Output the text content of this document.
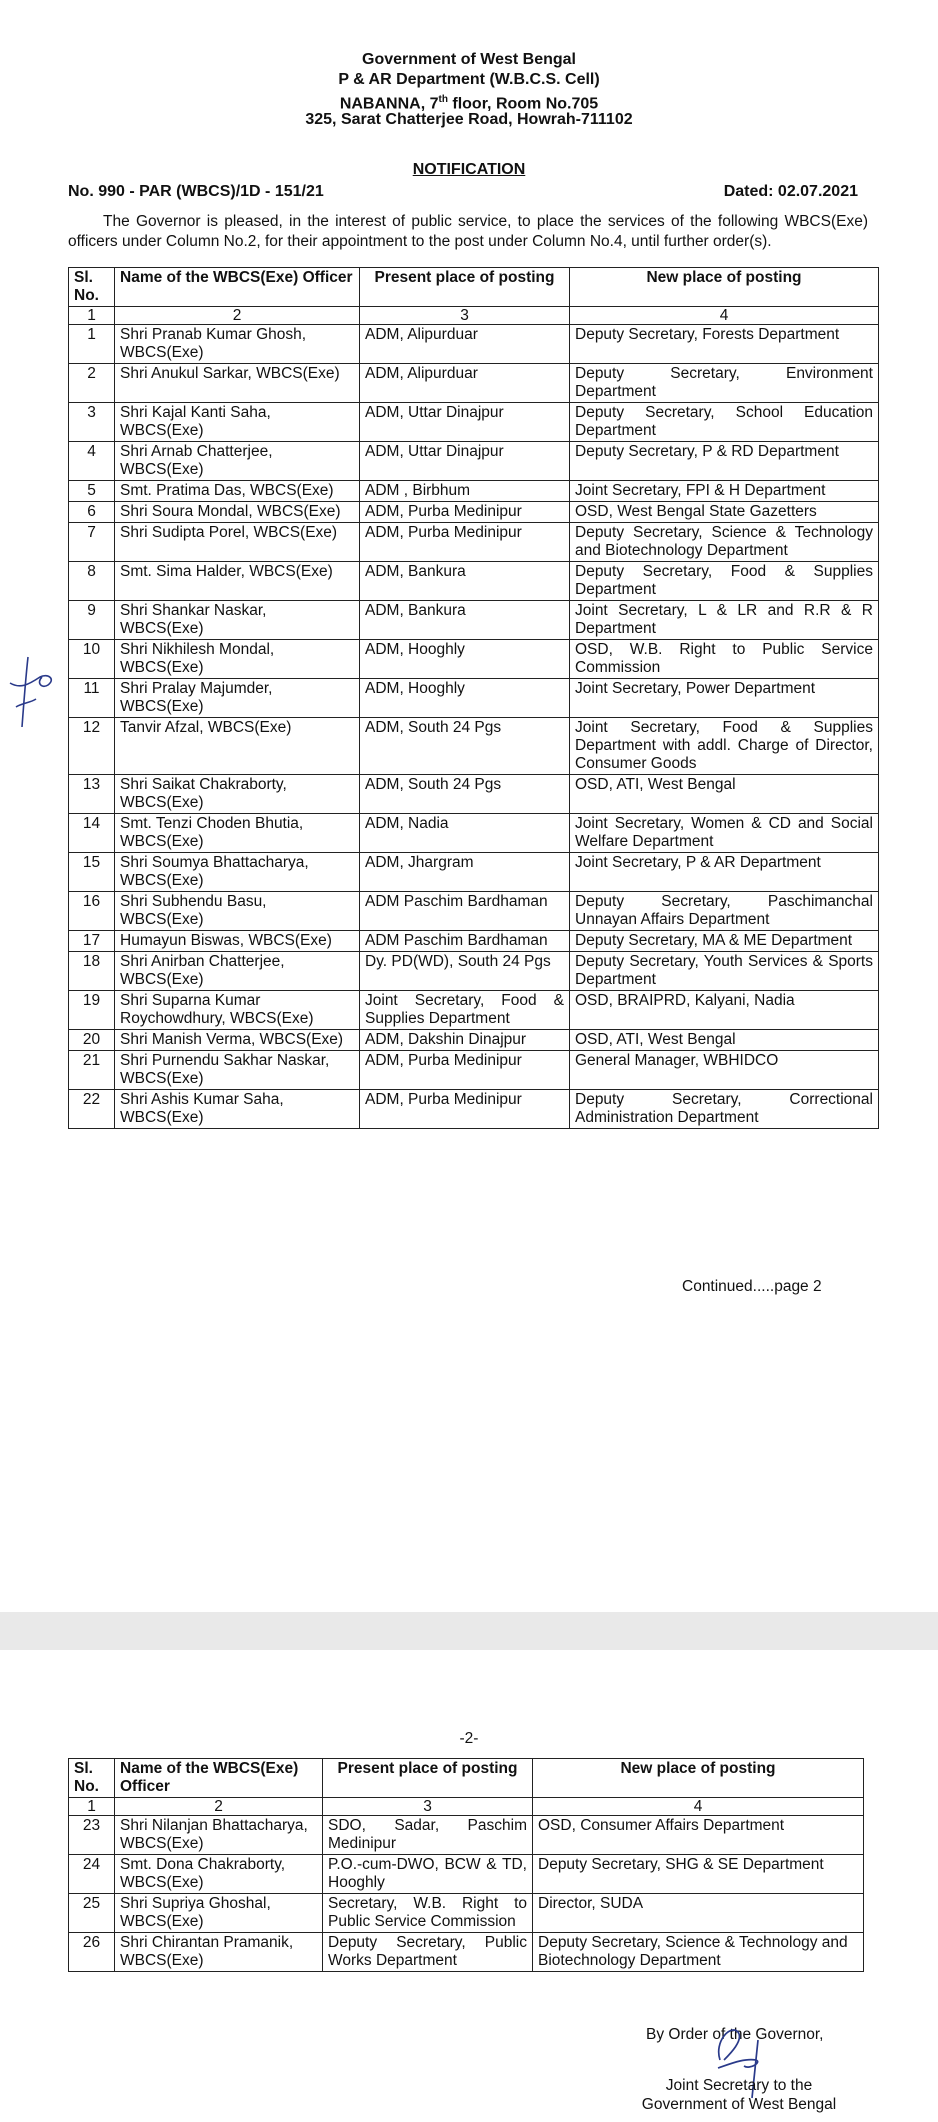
Government of West Bengal
P & AR Department (W.B.C.S. Cell)
NABANNA, 7th floor, Room No.705
325, Sarat Chatterjee Road, Howrah-711102
NOTIFICATION
No. 990 - PAR (WBCS)/1D - 151/21	Dated: 02.07.2021
The Governor is pleased, in the interest of public service, to place the services of the following WBCS(Exe) officers under Column No.2, for their appointment to the post under Column No.4, until further order(s).
Sl. No.	Name of the WBCS(Exe) Officer	Present place of posting	New place of posting
1	2	3	4
1	Shri Pranab Kumar Ghosh, WBCS(Exe)	ADM, Alipurduar	Deputy Secretary, Forests Department
2	Shri Anukul Sarkar, WBCS(Exe)	ADM, Alipurduar	Deputy Secretary, Environment Department
3	Shri Kajal Kanti Saha, WBCS(Exe)	ADM, Uttar Dinajpur	Deputy Secretary, School Education Department
4	Shri Arnab Chatterjee, WBCS(Exe)	ADM, Uttar Dinajpur	Deputy Secretary, P & RD Department
5	Smt. Pratima Das, WBCS(Exe)	ADM , Birbhum	Joint Secretary, FPI & H Department
6	Shri Soura Mondal, WBCS(Exe)	ADM, Purba Medinipur	OSD, West Bengal State Gazetters
7	Shri Sudipta Porel, WBCS(Exe)	ADM, Purba Medinipur	Deputy Secretary, Science & Technology and Biotechnology Department
8	Smt. Sima Halder, WBCS(Exe)	ADM, Bankura	Deputy Secretary, Food & Supplies Department
9	Shri Shankar Naskar, WBCS(Exe)	ADM, Bankura	Joint Secretary, L & LR and R.R & R Department
10	Shri Nikhilesh Mondal, WBCS(Exe)	ADM, Hooghly	OSD, W.B. Right to Public Service Commission
11	Shri Pralay Majumder, WBCS(Exe)	ADM, Hooghly	Joint Secretary, Power Department
12	Tanvir Afzal, WBCS(Exe)	ADM, South 24 Pgs	Joint Secretary, Food & Supplies Department with addl. Charge of Director, Consumer Goods
13	Shri Saikat Chakraborty, WBCS(Exe)	ADM, South 24 Pgs	OSD, ATI, West Bengal
14	Smt. Tenzi Choden Bhutia, WBCS(Exe)	ADM, Nadia	Joint Secretary, Women & CD and Social Welfare Department
15	Shri Soumya Bhattacharya, WBCS(Exe)	ADM, Jhargram	Joint Secretary, P & AR Department
16	Shri Subhendu Basu, WBCS(Exe)	ADM Paschim Bardhaman	Deputy Secretary, Paschimanchal Unnayan Affairs Department
17	Humayun Biswas, WBCS(Exe)	ADM Paschim Bardhaman	Deputy Secretary, MA & ME Department
18	Shri Anirban Chatterjee, WBCS(Exe)	Dy. PD(WD), South 24 Pgs	Deputy Secretary, Youth Services & Sports Department
19	Shri Suparna Kumar Roychowdhury, WBCS(Exe)	Joint Secretary, Food & Supplies Department	OSD, BRAIPRD, Kalyani, Nadia
20	Shri Manish Verma, WBCS(Exe)	ADM, Dakshin Dinajpur	OSD, ATI, West Bengal
21	Shri Purnendu Sakhar Naskar, WBCS(Exe)	ADM, Purba Medinipur	General Manager, WBHIDCO
22	Shri Ashis Kumar Saha, WBCS(Exe)	ADM, Purba Medinipur	Deputy Secretary, Correctional Administration Department
Continued.....page 2
-2-
Sl. No.	Name of the WBCS(Exe) Officer	Present place of posting	New place of posting
1	2	3	4
23	Shri Nilanjan Bhattacharya, WBCS(Exe)	SDO, Sadar, Paschim Medinipur	OSD, Consumer Affairs Department
24	Smt. Dona Chakraborty, WBCS(Exe)	P.O.-cum-DWO, BCW & TD, Hooghly	Deputy Secretary, SHG & SE Department
25	Shri Supriya Ghoshal, WBCS(Exe)	Secretary, W.B. Right to Public Service Commission	Director, SUDA
26	Shri Chirantan Pramanik, WBCS(Exe)	Deputy Secretary, Public Works Department	Deputy Secretary, Science & Technology and Biotechnology Department
By Order of the Governor,
Joint Secretary to the
Government of West Bengal
